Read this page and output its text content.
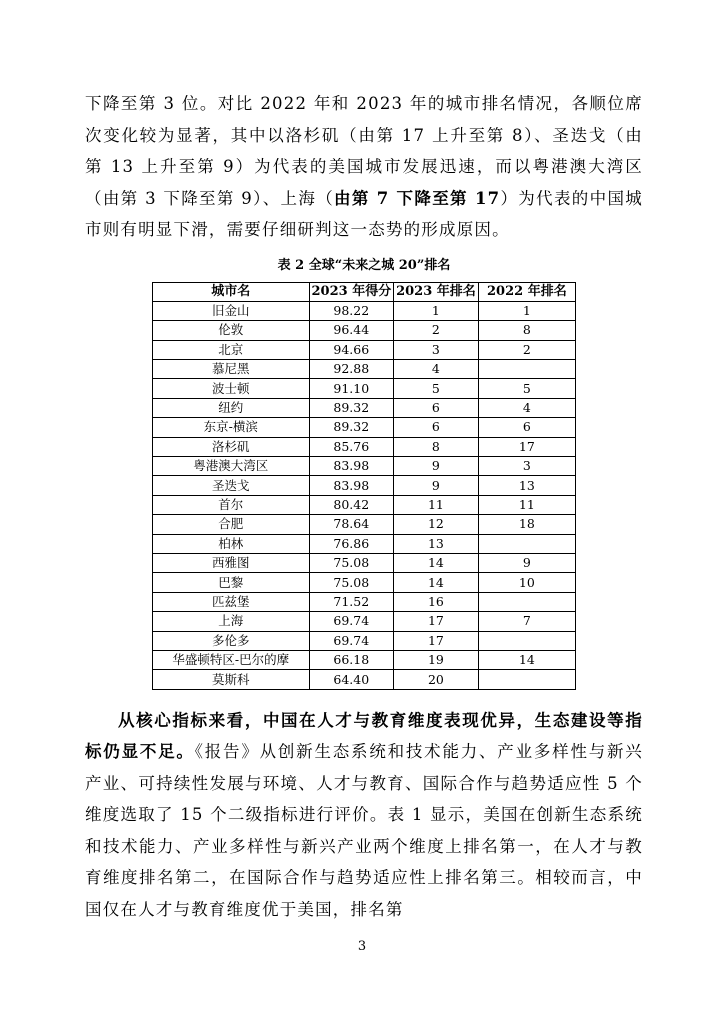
下降至第 3 位。对比 2022 年和 2023 年的城市排名情况，各顺位席次变化较为显著，其中以洛杉矶（由第 17 上升至第 8）、圣迭戈（由第 13 上升至第 9）为代表的美国城市发展迅速，而以粤港澳大湾区（由第 3 下降至第 9）、上海（由第 7 下降至第 17）为代表的中国城市则有明显下滑，需要仔细研判这一态势的形成原因。

表 2 全球“未来之城 20”排名
城市名	2023 年得分	2023 年排名	2022 年排名
旧金山	98.22	1	1
伦敦	96.44	2	8
北京	94.66	3	2
慕尼黑	92.88	4	
波士顿	91.10	5	5
纽约	89.32	6	4
东京-横滨	89.32	6	6
洛杉矶	85.76	8	17
粤港澳大湾区	83.98	9	3
圣迭戈	83.98	9	13
首尔	80.42	11	11
合肥	78.64	12	18
柏林	76.86	13	
西雅图	75.08	14	9
巴黎	75.08	14	10
匹兹堡	71.52	16	
上海	69.74	17	7
多伦多	69.74	17	
华盛顿特区-巴尔的摩	66.18	19	14
莫斯科	64.40	20	

从核心指标来看，中国在人才与教育维度表现优异，生态建设等指标仍显不足。《报告》从创新生态系统和技术能力、产业多样性与新兴产业、可持续性发展与环境、人才与教育、国际合作与趋势适应性 5 个维度选取了 15 个二级指标进行评价。表 1 显示，美国在创新生态系统和技术能力、产业多样性与新兴产业两个维度上排名第一，在人才与教育维度排名第二，在国际合作与趋势适应性上排名第三。相较而言，中国仅在人才与教育维度优于美国，排名第

3
